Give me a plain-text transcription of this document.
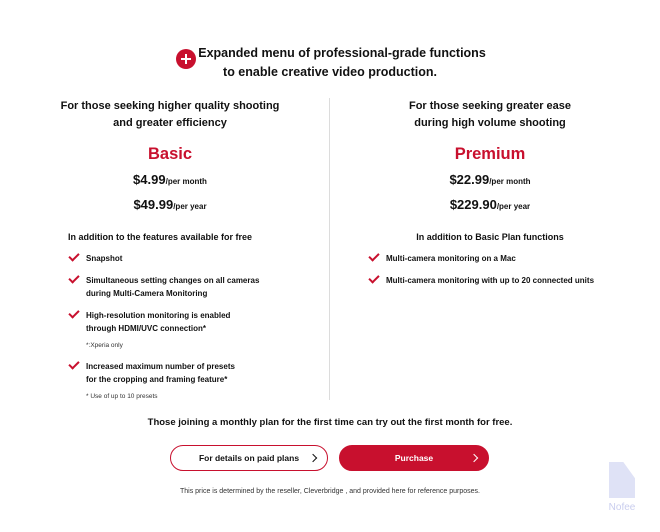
Expanded menu of professional-grade functions
to enable creative video production.
For those seeking higher quality shooting
and greater efficiency
Basic
$4.99/per month
$49.99/per year
In addition to the features available for free
Snapshot
Simultaneous setting changes on all cameras
during Multi-Camera Monitoring
High-resolution monitoring is enabled
through HDMI/UVC connection*
*:Xperia only
Increased maximum number of presets
for the cropping and framing feature*
* Use of up to 10 presets
For those seeking greater ease
during high volume shooting
Premium
$22.99/per month
$229.90/per year
In addition to Basic Plan functions
Multi-camera monitoring on a Mac
Multi-camera monitoring with up to 20 connected units
Those joining a monthly plan for the first time can try out the first month for free.
For details on paid plans	Purchase
This price is determined by the reseller, Cleverbridge , and provided here for reference purposes.
Nofee
